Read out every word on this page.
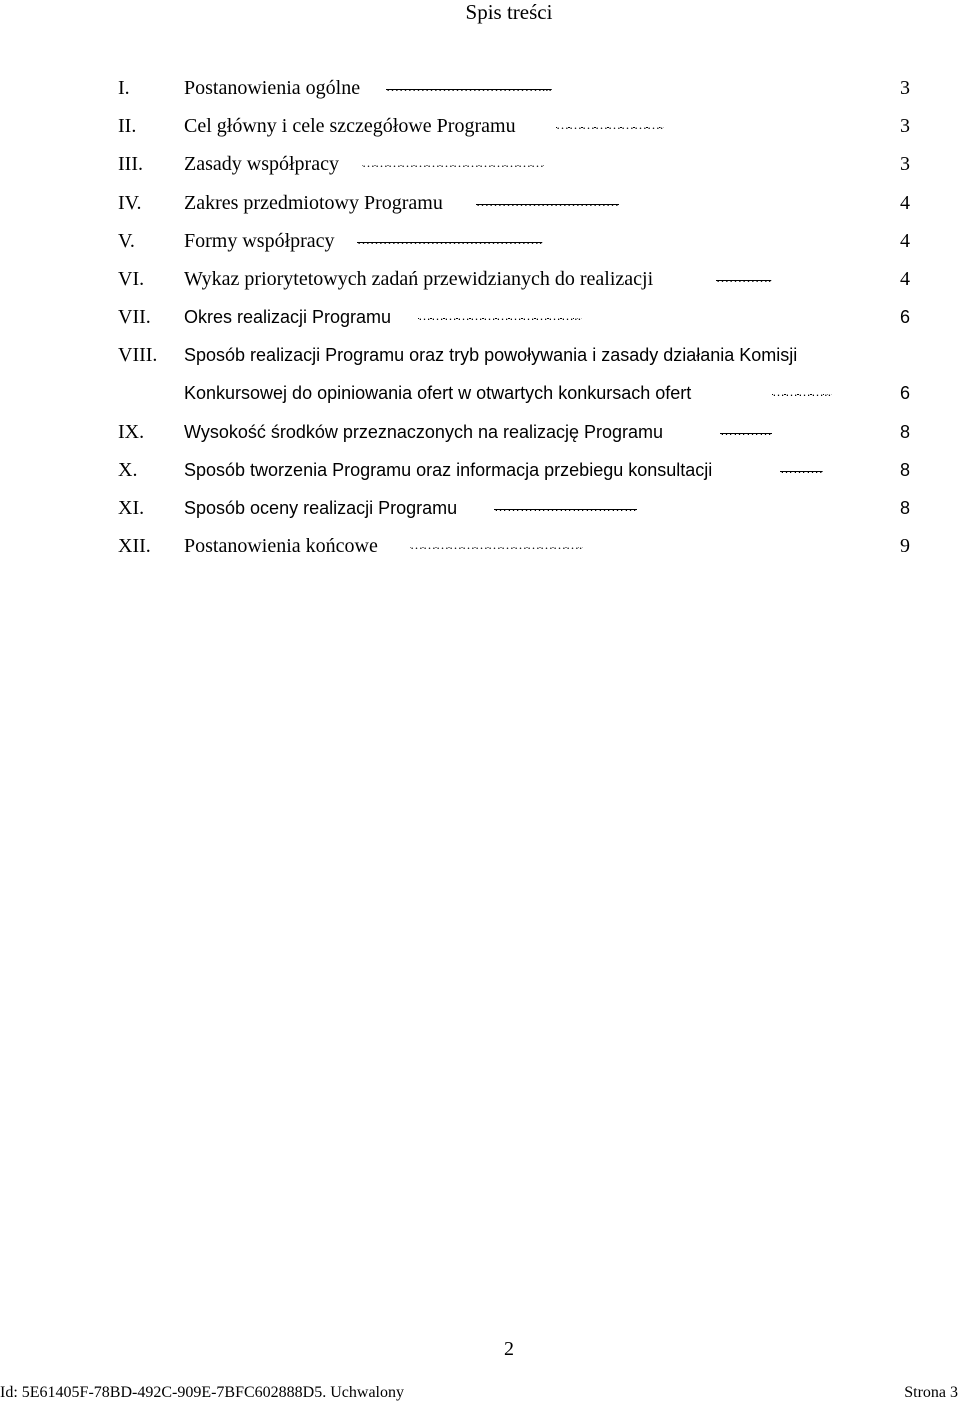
Spis treści
I.	Postanowienia ogólne	………………………………...	3
II. Cel główny i cele szczegółowe Programu	…………………….	3
III. Zasady współpracy	……………………………………	3
IV. Zakres przedmiotowy Programu	……………………………	4
V. Formy współpracy	…………………………………….	4
VI. Wykaz priorytetowych zadań przewidzianych do realizacji	………….	4
VII. Okres realizacji Programu	………………………………..	6
VIII. Sposób realizacji Programu oraz tryb powoływania i zasady działania Komisji
Konkursowej do opiniowania ofert w otwartych konkursach ofert	…………..	6
IX. Wysokość środków przeznaczonych na realizację Programu	…………	8
X.	Sposób tworzenia Programu oraz informacja przebiegu konsultacji	……….	8
XI. Sposób oceny realizacji Programu	……………………………	8
XII. Postanowienia końcowe	………………………………….	9
2
Id: 5E61405F-78BD-492C-909E-7BFC602888D5. Uchwalony	Strona 3
